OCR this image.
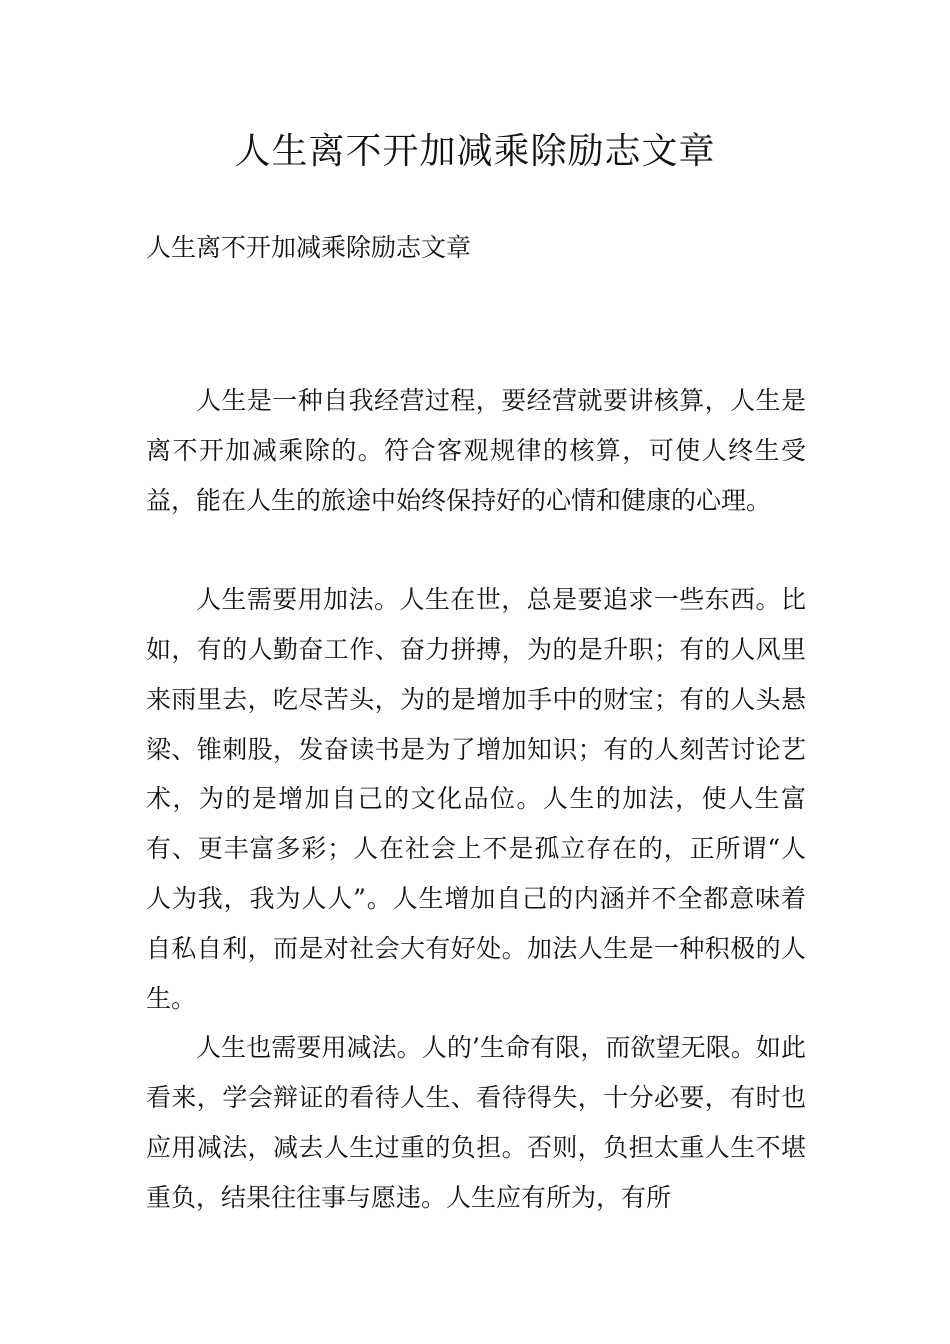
人生离不开加减乘除励志文章

人生离不开加减乘除励志文章

人生是一种自我经营过程，要经营就要讲核算，人生是离不开加减乘除的。符合客观规律的核算，可使人终生受益，能在人生的旅途中始终保持好的心情和健康的心理。

人生需要用加法。人生在世，总是要追求一些东西。比如，有的人勤奋工作、奋力拼搏，为的是升职；有的人风里来雨里去，吃尽苦头，为的是增加手中的财宝；有的人头悬梁、锥刺股，发奋读书是为了增加知识；有的人刻苦讨论艺术，为的是增加自己的文化品位。人生的加法，使人生富有、更丰富多彩；人在社会上不是孤立存在的，正所谓“人人为我，我为人人”。人生增加自己的内涵并不全都意味着自私自利，而是对社会大有好处。加法人生是一种积极的人生。

人生也需要用减法。人的’生命有限，而欲望无限。如此看来，学会辩证的看待人生、看待得失，十分必要，有时也应用减法，减去人生过重的负担。否则，负担太重人生不堪重负，结果往往事与愿违。人生应有所为，有所
